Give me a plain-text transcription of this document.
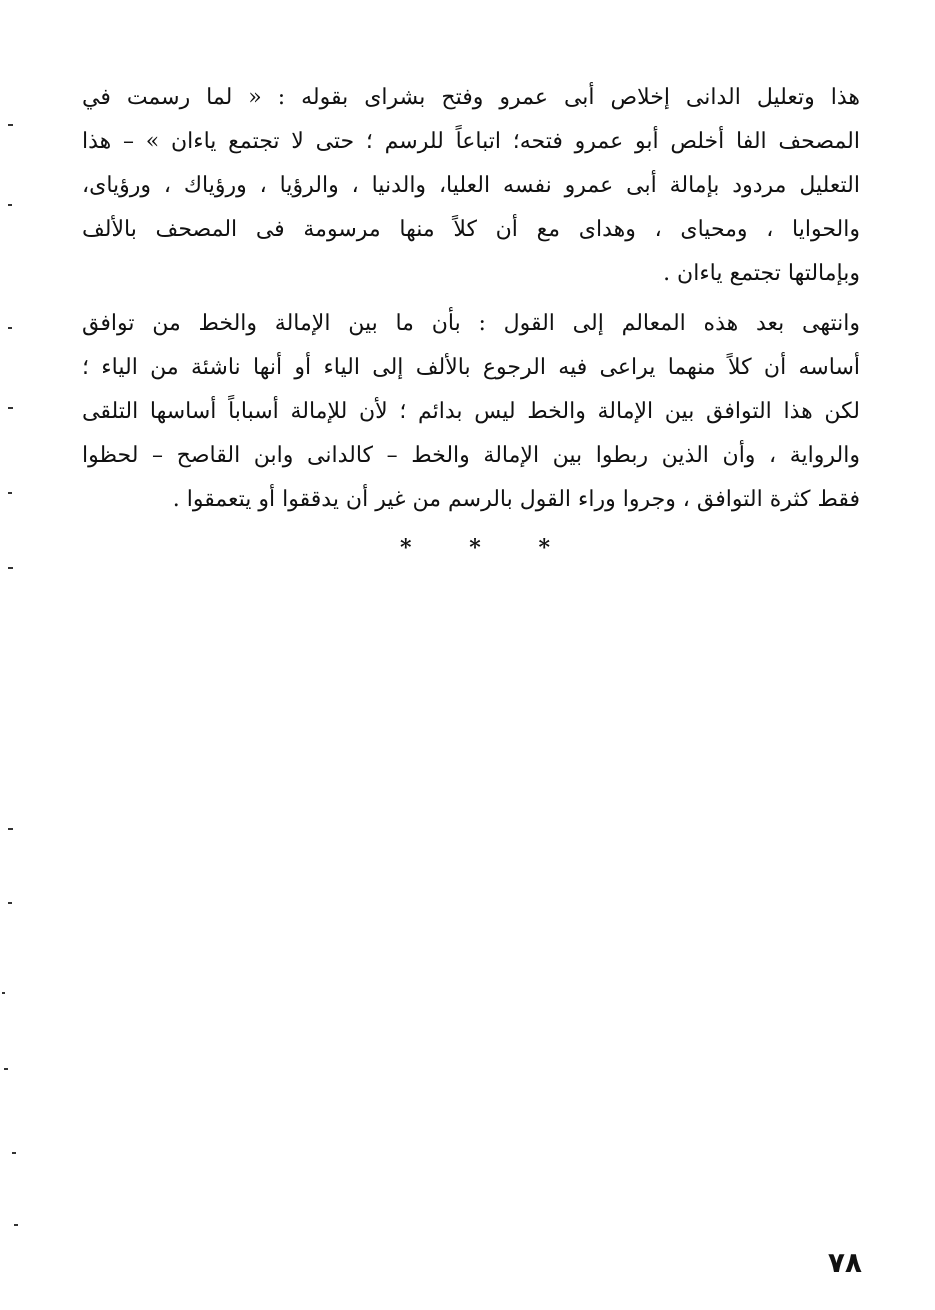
هذا وتعليل الدانى إخلاص أبى عمرو وفتح بشراى بقوله : « لما رسمت في
المصحف الفا أخلص أبو عمرو فتحه؛ اتباعاً للرسم ؛ حتى لا تجتمع ياءان » – هذا
التعليل مردود بإمالة أبى عمرو نفسه العليا، والدنيا ، والرؤيا ، ورؤياك ، ورؤياى،
والحوايا ، ومحياى ، وهداى مع أن كلاً منها مرسومة فى المصحف بالألف
وبإمالتها تجتمع ياءان .
وانتهى بعد هذه المعالم إلى القول : بأن ما بين الإمالة والخط من توافق
أساسه أن كلاً منهما يراعى فيه الرجوع بالألف إلى الياء أو أنها ناشئة من الياء ؛
لكن هذا التوافق بين الإمالة والخط ليس بدائم ؛ لأن للإمالة أسباباً أساسها التلقى
والرواية ، وأن الذين ربطوا بين الإمالة والخط – كالدانى وابن القاصح – لحظوا
فقط كثرة التوافق ، وجروا وراء القول بالرسم من غير أن يدققوا أو يتعمقوا .
*	*	*
٧٨
